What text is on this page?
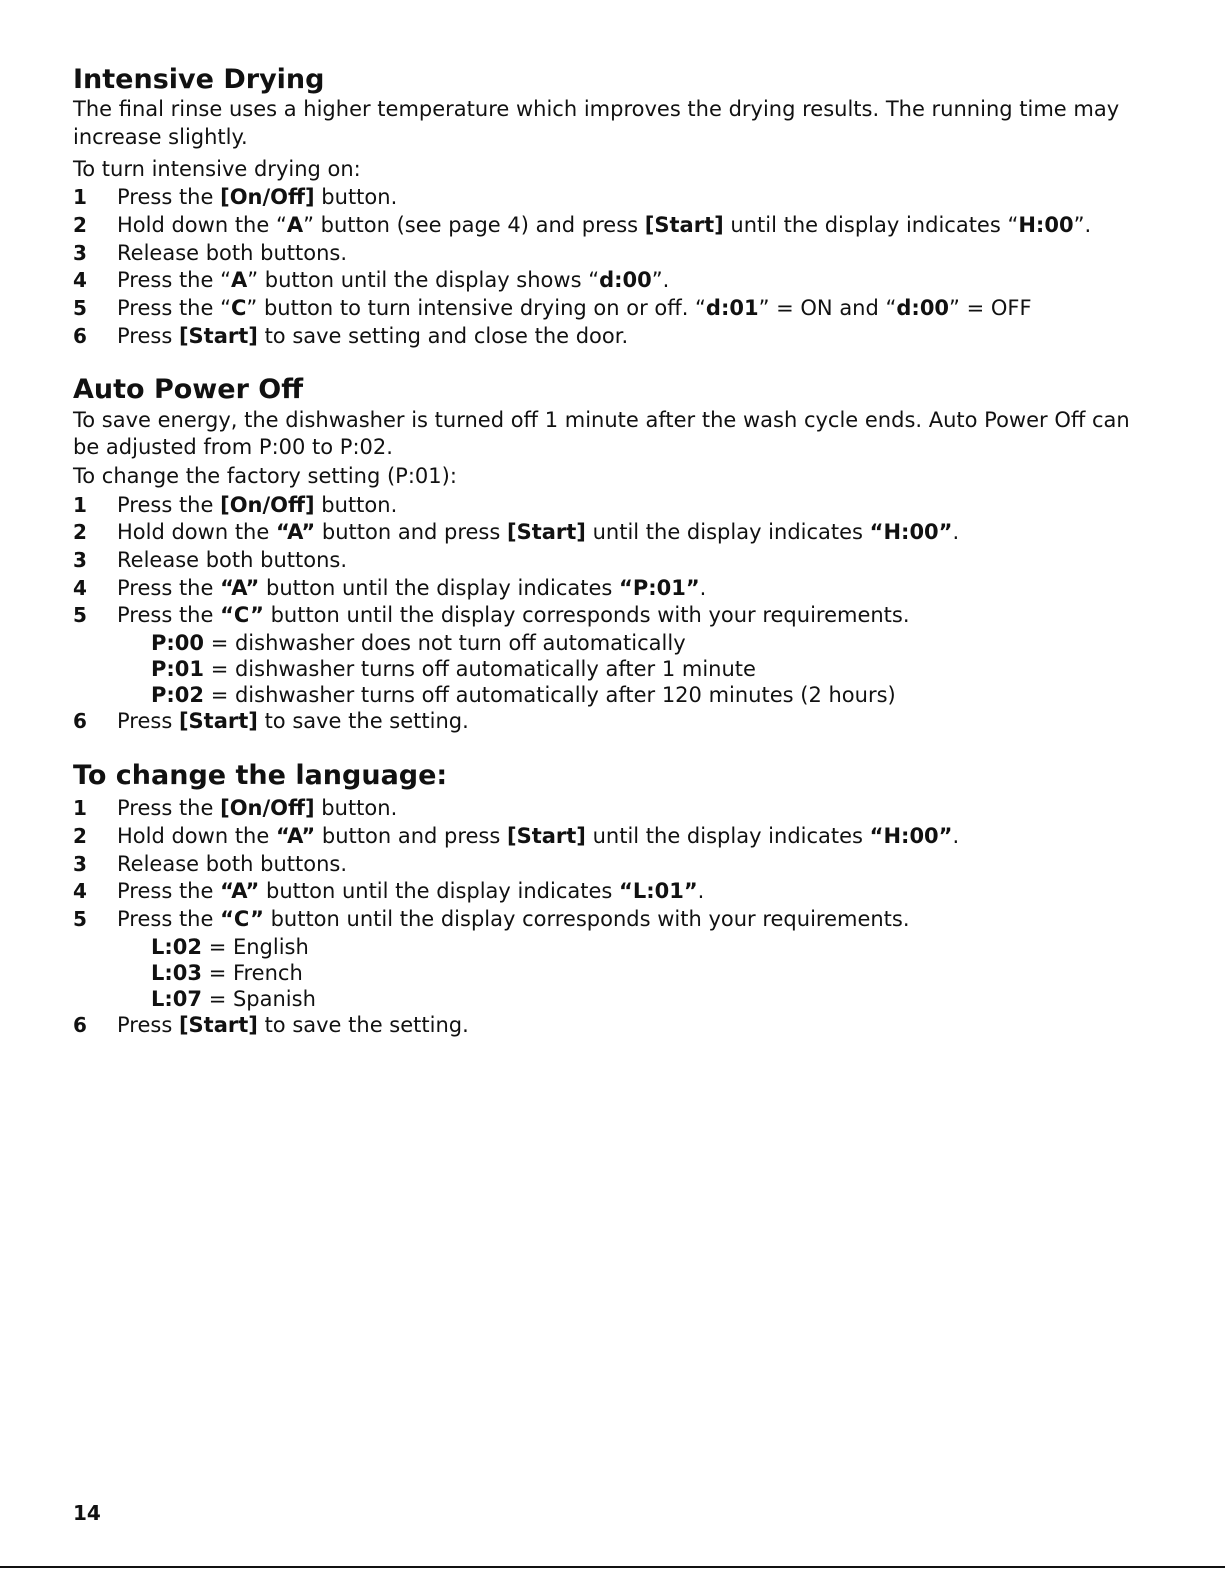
Intensive Drying

The final rinse uses a higher temperature which improves the drying results. The running time may increase slightly.

To turn intensive drying on:

1	Press the [On/Off] button.
2	Hold down the “A” button (see page 4) and press [Start] until the display indicates “H:00”.
3	Release both buttons.
4	Press the “A” button until the display shows “d:00”.
5	Press the “C” button to turn intensive drying on or off. “d:01” = ON and “d:00” = OFF
6	Press [Start] to save setting and close the door.
Auto Power Off

To save energy, the dishwasher is turned off 1 minute after the wash cycle ends. Auto Power Off can be adjusted from P:00 to P:02.

To change the factory setting (P:01):

1	Press the [On/Off] button.
2	Hold down the “A” button and press [Start] until the display indicates “H:00”.
3	Release both buttons.
4	Press the “A” button until the display indicates “P:01”.
5	Press the “C” button until the display corresponds with your requirements.
P:00 = dishwasher does not turn off automatically
P:01 = dishwasher turns off automatically after 1 minute
P:02 = dishwasher turns off automatically after 120 minutes (2 hours)
6	Press [Start] to save the setting.
To change the language:
1	Press the [On/Off] button.
2	Hold down the “A” button and press [Start] until the display indicates “H:00”.
3	Release both buttons.
4	Press the “A” button until the display indicates “L:01”.
5	Press the “C” button until the display corresponds with your requirements.
L:02 = English
L:03 = French
L:07 = Spanish
6	Press [Start] to save the setting.
14
